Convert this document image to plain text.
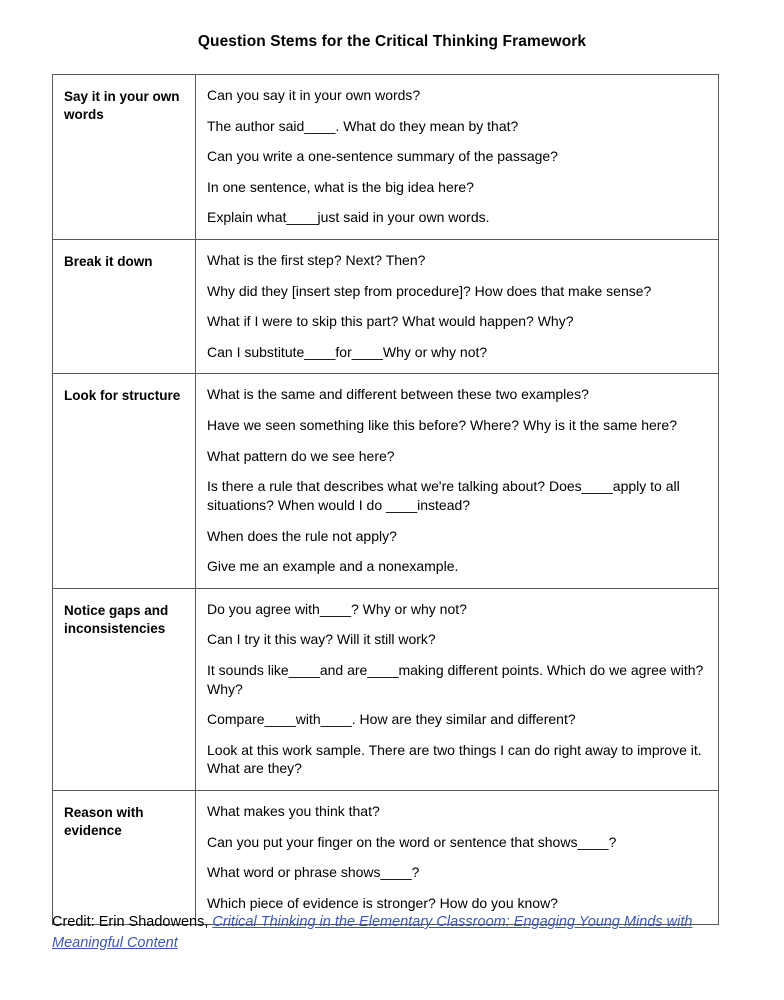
Question Stems for the Critical Thinking Framework
Say it in your own words	Can you say it in your own words?

The author said____. What do they mean by that?

Can you write a one-sentence summary of the passage?

In one sentence, what is the big idea here?

Explain what____just said in your own words.

Break it down	What is the first step? Next? Then?

Why did they [insert step from procedure]? How does that make sense?

What if I were to skip this part? What would happen? Why?

Can I substitute____for____Why or why not?

Look for structure	What is the same and different between these two examples?

Have we seen something like this before? Where? Why is it the same here?

What pattern do we see here?

Is there a rule that describes what we're talking about? Does____apply to all situations? When would I do ____instead?

When does the rule not apply?

Give me an example and a nonexample.

Notice gaps and inconsistencies	Do you agree with____? Why or why not?

Can I try it this way? Will it still work?

It sounds like____and are____making different points. Which do we agree with? Why?

Compare____with____. How are they similar and different?

Look at this work sample. There are two things I can do right away to improve it. What are they?

Reason with evidence	What makes you think that?

Can you put your finger on the word or sentence that shows____?

What word or phrase shows____?

Which piece of evidence is stronger? How do you know?

Credit: Erin Shadowens, Critical Thinking in the Elementary Classroom: Engaging Young Minds with Meaningful Content
